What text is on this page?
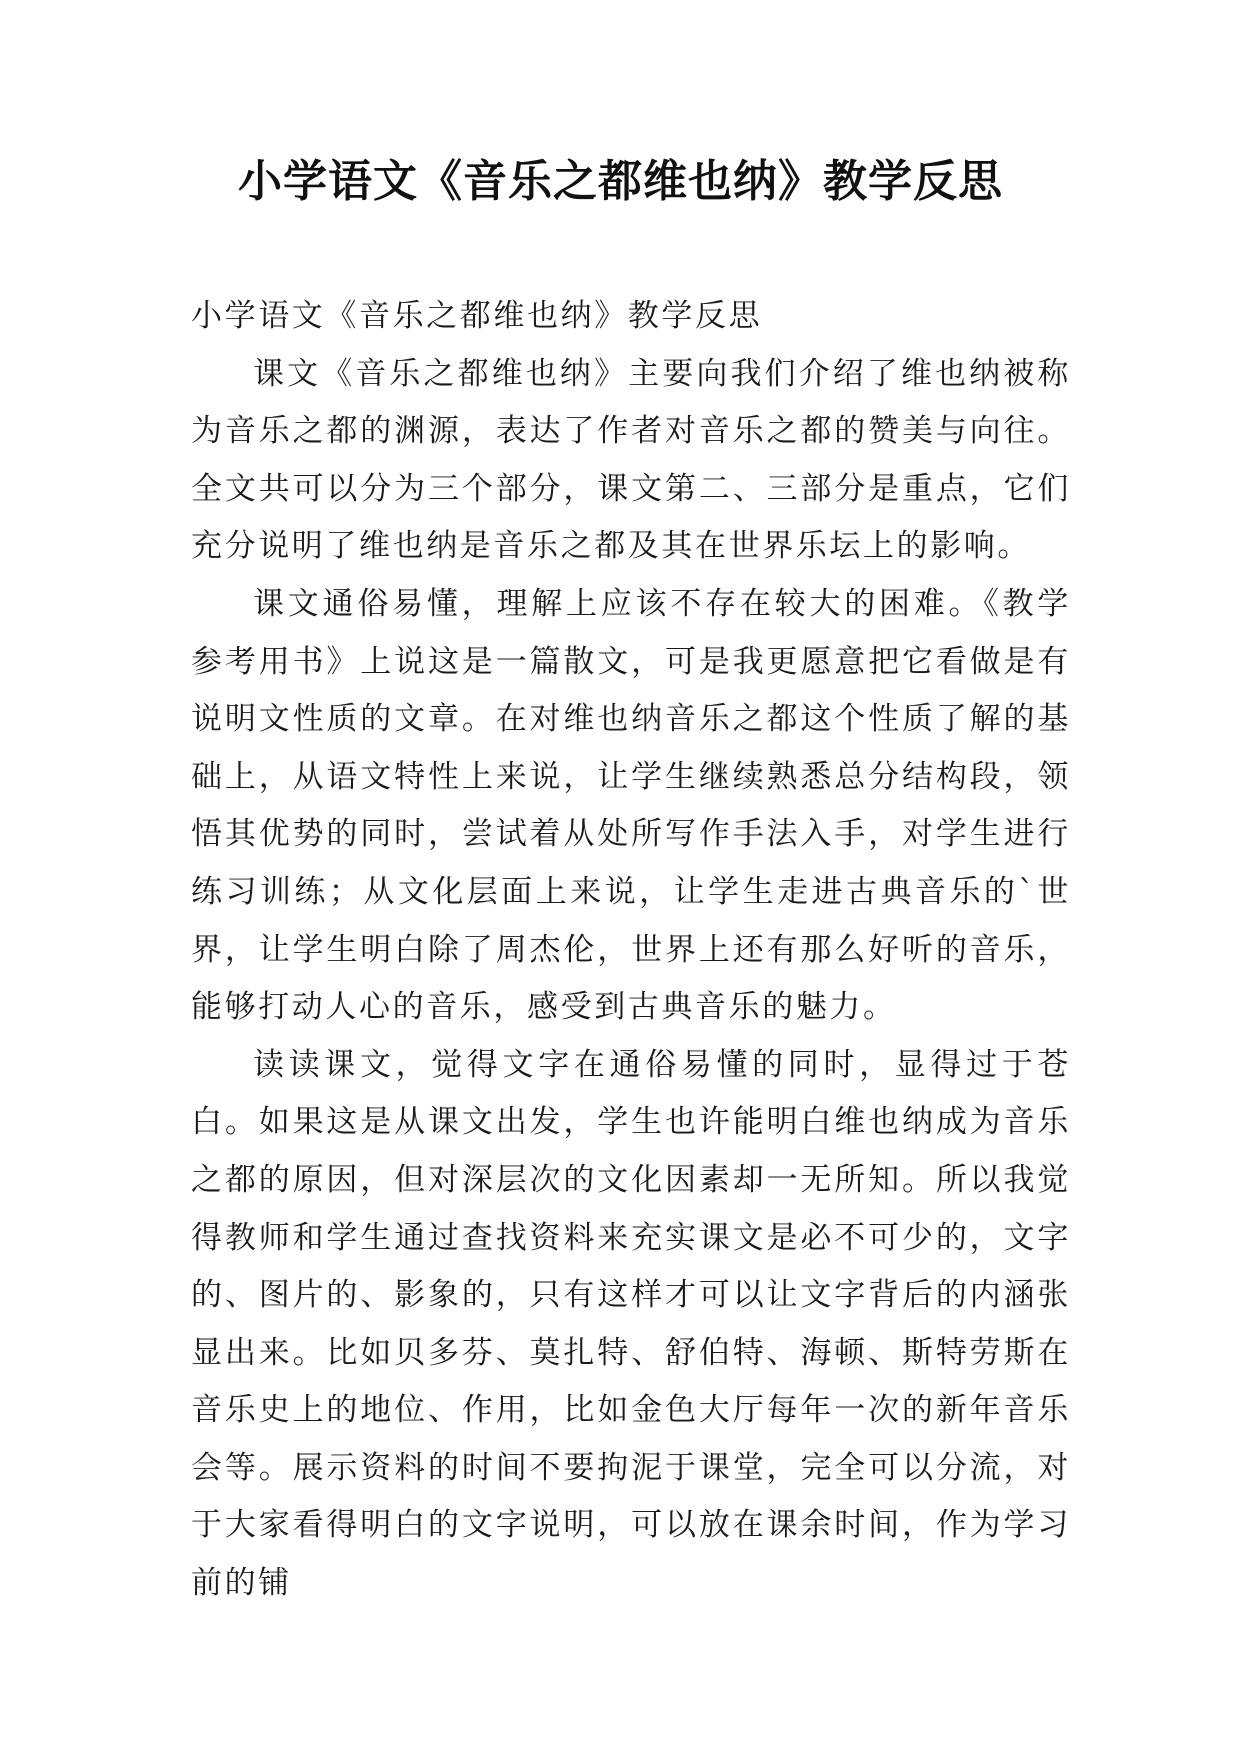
小学语文《音乐之都维也纳》教学反思

小学语文《音乐之都维也纳》教学反思

课文《音乐之都维也纳》主要向我们介绍了维也纳被称为音乐之都的渊源，表达了作者对音乐之都的赞美与向往。全文共可以分为三个部分，课文第二、三部分是重点，它们充分说明了维也纳是音乐之都及其在世界乐坛上的影响。

课文通俗易懂，理解上应该不存在较大的困难。《教学参考用书》上说这是一篇散文，可是我更愿意把它看做是有说明文性质的文章。在对维也纳音乐之都这个性质了解的基础上，从语文特性上来说，让学生继续熟悉总分结构段，领悟其优势的同时，尝试着从处所写作手法入手，对学生进行练习训练；从文化层面上来说，让学生走进古典音乐的`世界，让学生明白除了周杰伦，世界上还有那么好听的音乐，能够打动人心的音乐，感受到古典音乐的魅力。

读读课文，觉得文字在通俗易懂的同时，显得过于苍白。如果这是从课文出发，学生也许能明白维也纳成为音乐之都的原因，但对深层次的文化因素却一无所知。所以我觉得教师和学生通过查找资料来充实课文是必不可少的，文字的、图片的、影象的，只有这样才可以让文字背后的内涵张显出来。比如贝多芬、莫扎特、舒伯特、海顿、斯特劳斯在音乐史上的地位、作用，比如金色大厅每年一次的新年音乐会等。展示资料的时间不要拘泥于课堂，完全可以分流，对于大家看得明白的文字说明，可以放在课余时间，作为学习前的铺
